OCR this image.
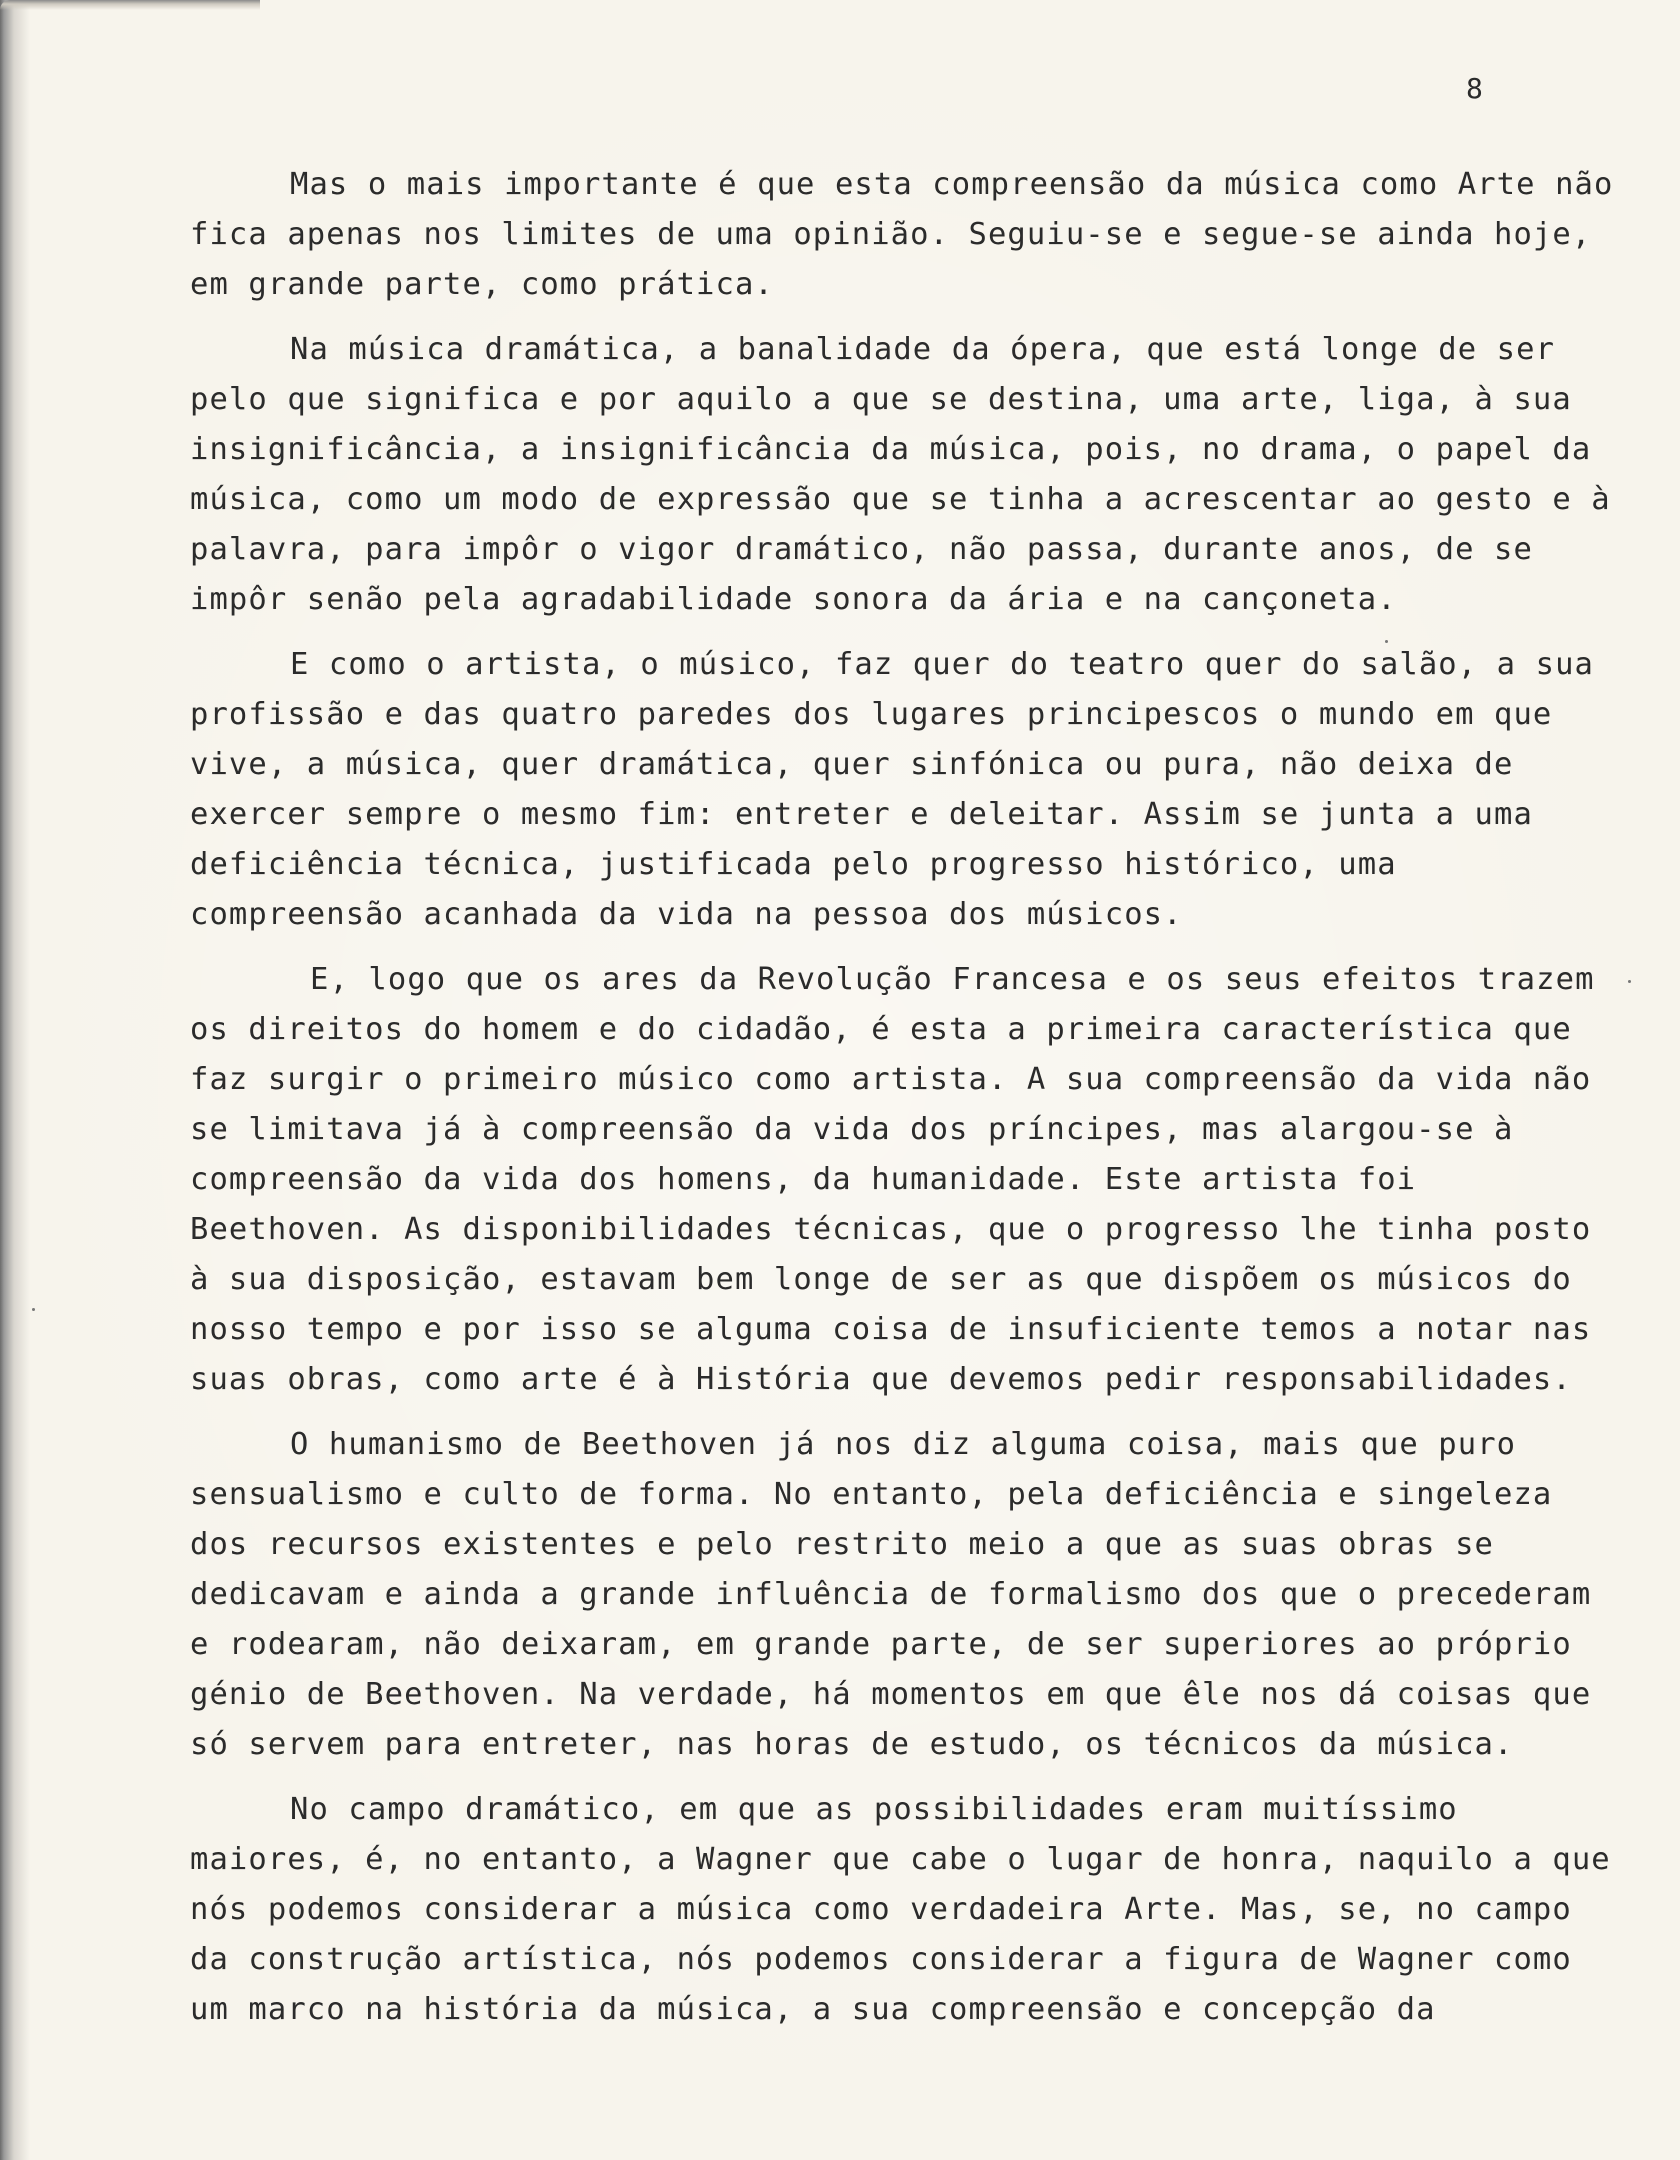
8

Mas o mais importante é que esta compreensão da música como Arte não fica apenas nos limites de uma opinião. Seguiu-se e segue-se ainda hoje, em grande parte, como prática.

Na música dramática, a banalidade da ópera, que está longe de ser pelo que significa e por aquilo a que se destina, uma arte, liga, à sua insignificância, a insignificância da música, pois, no drama, o papel da música, como um modo de expressão que se tinha a acrescentar ao gesto e à palavra, para impôr o vigor dramático, não passa, durante anos, de se impôr senão pela agradabilidade sonora da ária e na cançoneta.

E como o artista, o músico, faz quer do teatro quer do salão, a sua profissão e das quatro paredes dos lugares principescos o mundo em que vive, a música, quer dramática, quer sinfónica ou pura, não deixa de exercer sempre o mesmo fim: entreter e deleitar. Assim se junta a uma deficiência técnica, justificada pelo progresso histórico, uma compreensão acanhada da vida na pessoa dos músicos.

E, logo que os ares da Revolução Francesa e os seus efeitos trazem os direitos do homem e do cidadão, é esta a primeira característica que faz surgir o primeiro músico como artista. A sua compreensão da vida não se limitava já à compreensão da vida dos príncipes, mas alargou-se à compreensão da vida dos homens, da humanidade. Este artista foi Beethoven. As disponibilidades técnicas, que o progresso lhe tinha posto à sua disposição, estavam bem longe de ser as que dispõem os músicos do nosso tempo e por isso se alguma coisa de insuficiente temos a notar nas suas obras, como arte é à História que devemos pedir responsabilidades.

O humanismo de Beethoven já nos diz alguma coisa, mais que puro sensualismo e culto de forma. No entanto, pela deficiência e singeleza dos recursos existentes e pelo restrito meio a que as suas obras se dedicavam e ainda a grande influência de formalismo dos que o precederam e rodearam, não deixaram, em grande parte, de ser superiores ao próprio génio de Beethoven. Na verdade, há momentos em que êle nos dá coisas que só servem para entreter, nas horas de estudo, os técnicos da música.

No campo dramático, em que as possibilidades eram muitíssimo maiores, é, no entanto, a Wagner que cabe o lugar de honra, naquilo a que nós podemos considerar a música como verdadeira Arte. Mas, se, no campo da construção artística, nós podemos considerar a figura de Wagner como um marco na história da música, a sua compreensão e concepção da
